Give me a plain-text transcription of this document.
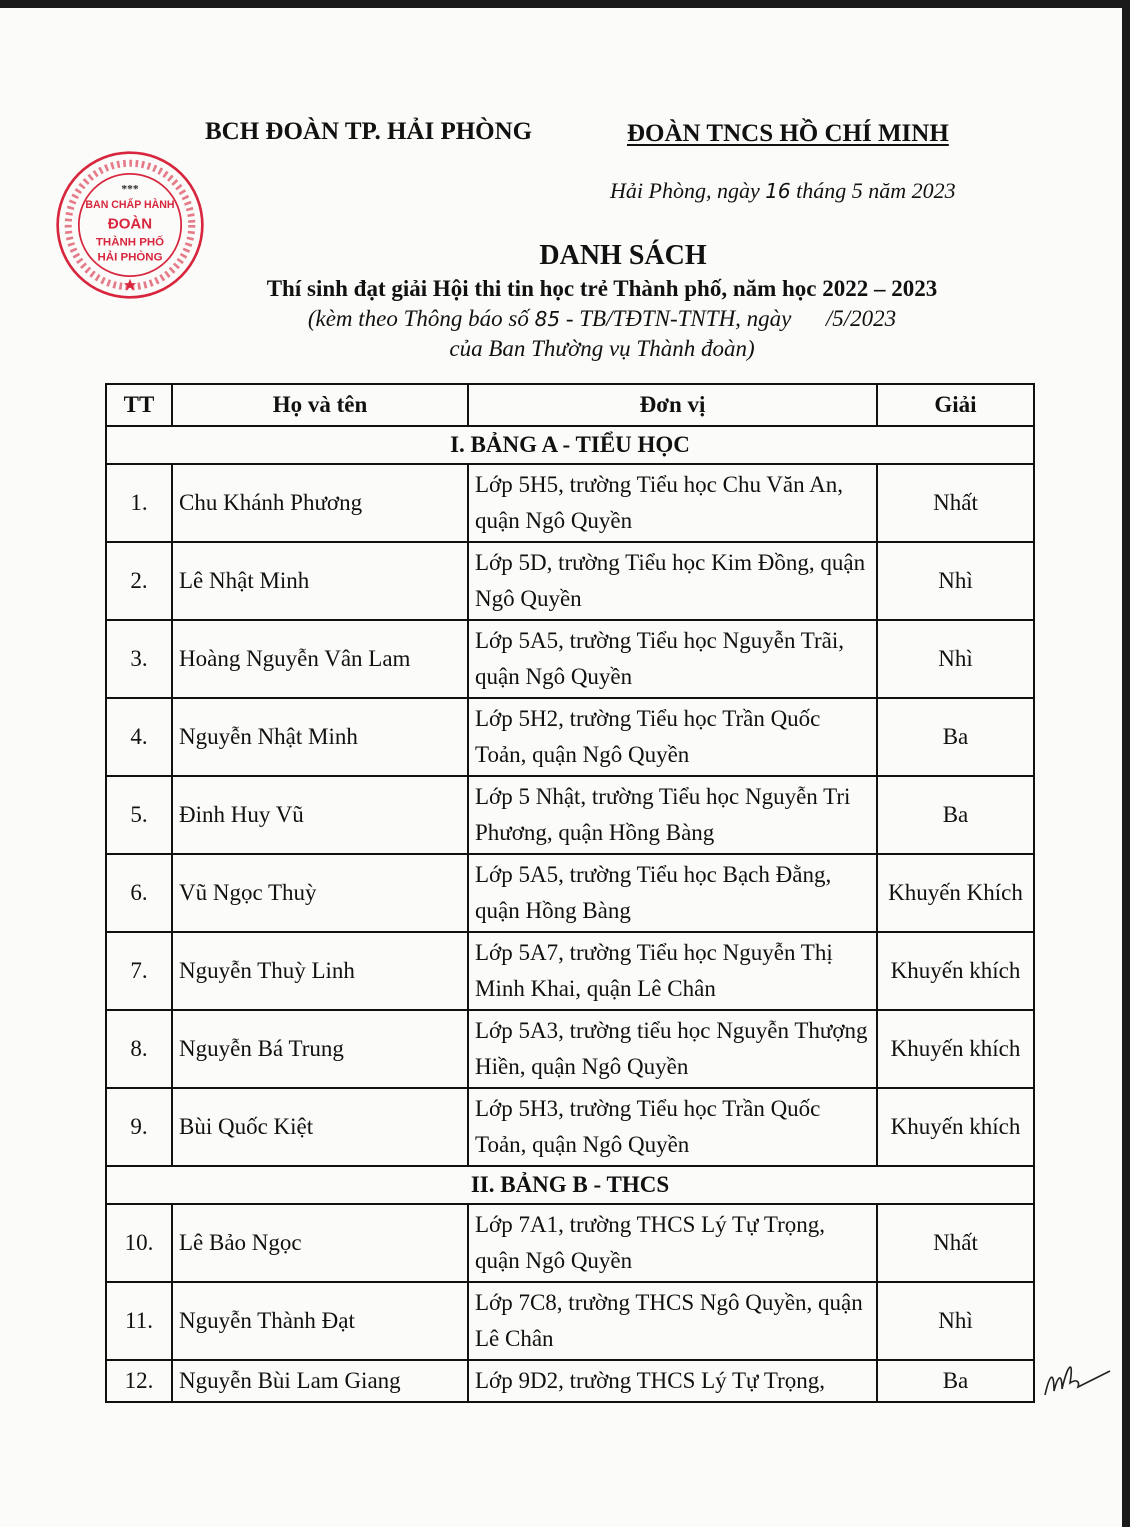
BCH ĐOÀN TP. HẢI PHÒNG	ĐOÀN TNCS HỒ CHÍ MINH
***
BAN CHẤP HÀNH
ĐOÀN
THÀNH PHỐ
HẢI PHÒNG
Hải Phòng, ngày 16 tháng 5 năm 2023
DANH SÁCH
Thí sinh đạt giải Hội thi tin học trẻ Thành phố, năm học 2022 – 2023
(kèm theo Thông báo số 85 - TB/TĐTN-TNTH, ngày      /5/2023
của Ban Thường vụ Thành đoàn)
TT	Họ và tên	Đơn vị	Giải
I. BẢNG A - TIỂU HỌC			
1.	Chu Khánh Phương	Lớp 5H5, trường Tiểu học Chu Văn An, quận Ngô Quyền	Nhất
2.	Lê Nhật Minh	Lớp 5D, trường Tiểu học Kim Đồng, quận Ngô Quyền	Nhì
3.	Hoàng Nguyễn Vân Lam	Lớp 5A5, trường Tiểu học Nguyễn Trãi, quận Ngô Quyền	Nhì
4.	Nguyễn Nhật Minh	Lớp 5H2, trường Tiểu học Trần Quốc Toản, quận Ngô Quyền	Ba
5.	Đinh Huy Vũ	Lớp 5 Nhật, trường Tiểu học Nguyễn Tri Phương, quận Hồng Bàng	Ba
6.	Vũ Ngọc Thuỳ	Lớp 5A5, trường Tiểu học Bạch Đằng, quận Hồng Bàng	Khuyến Khích
7.	Nguyễn Thuỳ Linh	Lớp 5A7, trường Tiểu học Nguyễn Thị Minh Khai, quận Lê Chân	Khuyến khích
8.	Nguyễn Bá Trung	Lớp 5A3, trường tiểu học Nguyễn Thượng Hiền, quận Ngô Quyền	Khuyến khích
9.	Bùi Quốc Kiệt	Lớp 5H3, trường Tiểu học Trần Quốc Toản, quận Ngô Quyền	Khuyến khích
II. BẢNG B - THCS			
10.	Lê Bảo Ngọc	Lớp 7A1, trường THCS Lý Tự Trọng, quận Ngô Quyền	Nhất
11.	Nguyễn Thành Đạt	Lớp 7C8, trường THCS Ngô Quyền, quận Lê Chân	Nhì
12.	Nguyễn Bùi Lam Giang	Lớp 9D2, trường THCS Lý Tự Trọng,	Ba
